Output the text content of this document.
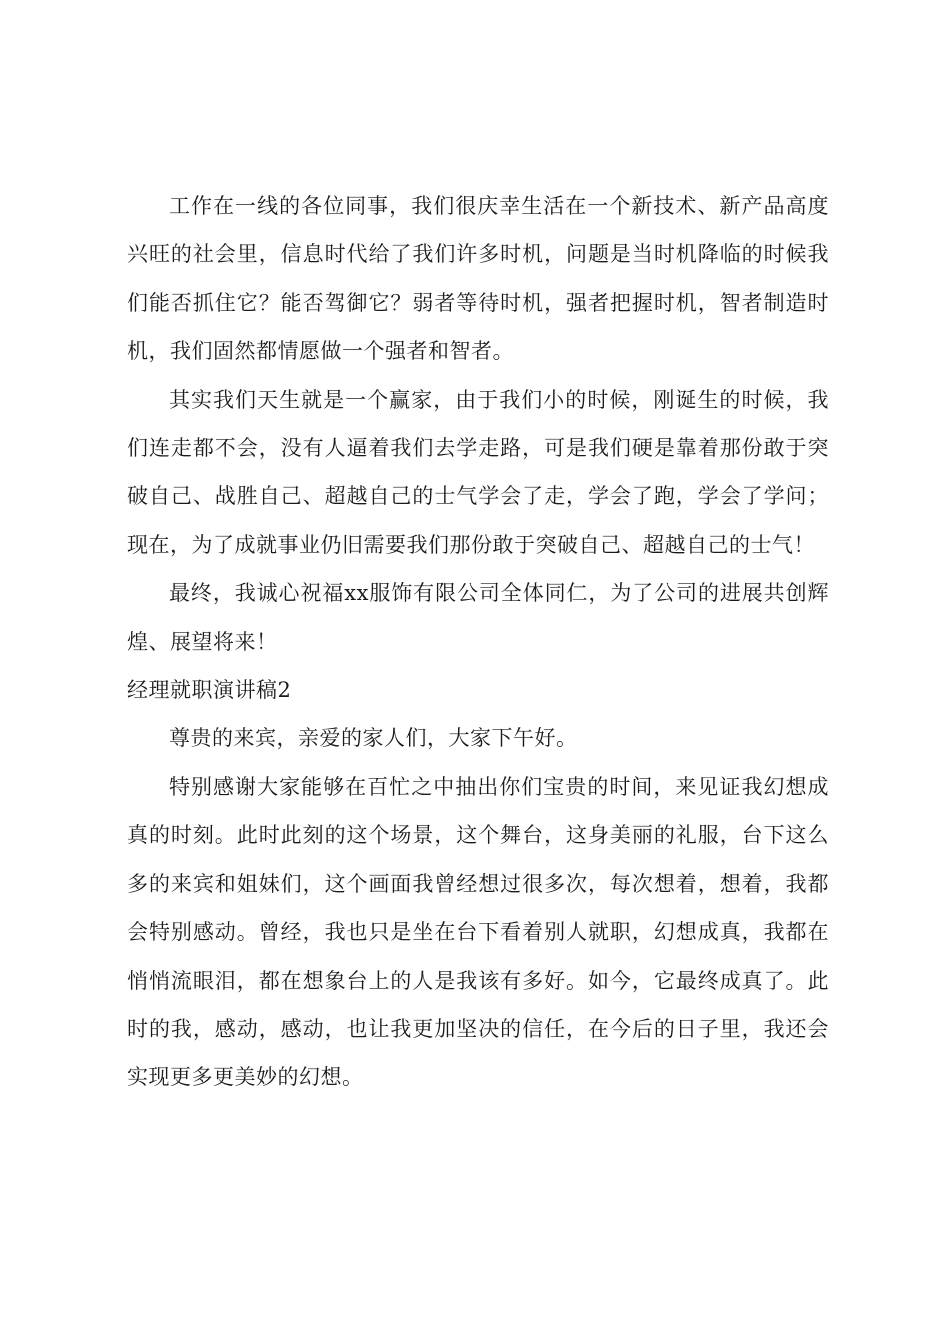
工作在一线的各位同事，我们很庆幸生活在一个新技术、新产品高度兴旺的社会里，信息时代给了我们许多时机，问题是当时机降临的时候我们能否抓住它？能否驾御它？弱者等待时机，强者把握时机，智者制造时机，我们固然都情愿做一个强者和智者。

其实我们天生就是一个赢家，由于我们小的时候，刚诞生的时候，我们连走都不会，没有人逼着我们去学走路，可是我们硬是靠着那份敢于突破自己、战胜自己、超越自己的士气学会了走，学会了跑，学会了学问；现在，为了成就事业仍旧需要我们那份敢于突破自己、超越自己的士气！

最终，我诚心祝福xx服饰有限公司全体同仁，为了公司的进展共创辉煌、展望将来！

经理就职演讲稿2

尊贵的来宾，亲爱的家人们，大家下午好。

特别感谢大家能够在百忙之中抽出你们宝贵的时间，来见证我幻想成真的时刻。此时此刻的这个场景，这个舞台，这身美丽的礼服，台下这么多的来宾和姐妹们，这个画面我曾经想过很多次，每次想着，想着，我都会特别感动。曾经，我也只是坐在台下看着别人就职，幻想成真，我都在悄悄流眼泪，都在想象台上的人是我该有多好。如今，它最终成真了。此时的我，感动，感动，也让我更加坚决的信任，在今后的日子里，我还会实现更多更美妙的幻想。
